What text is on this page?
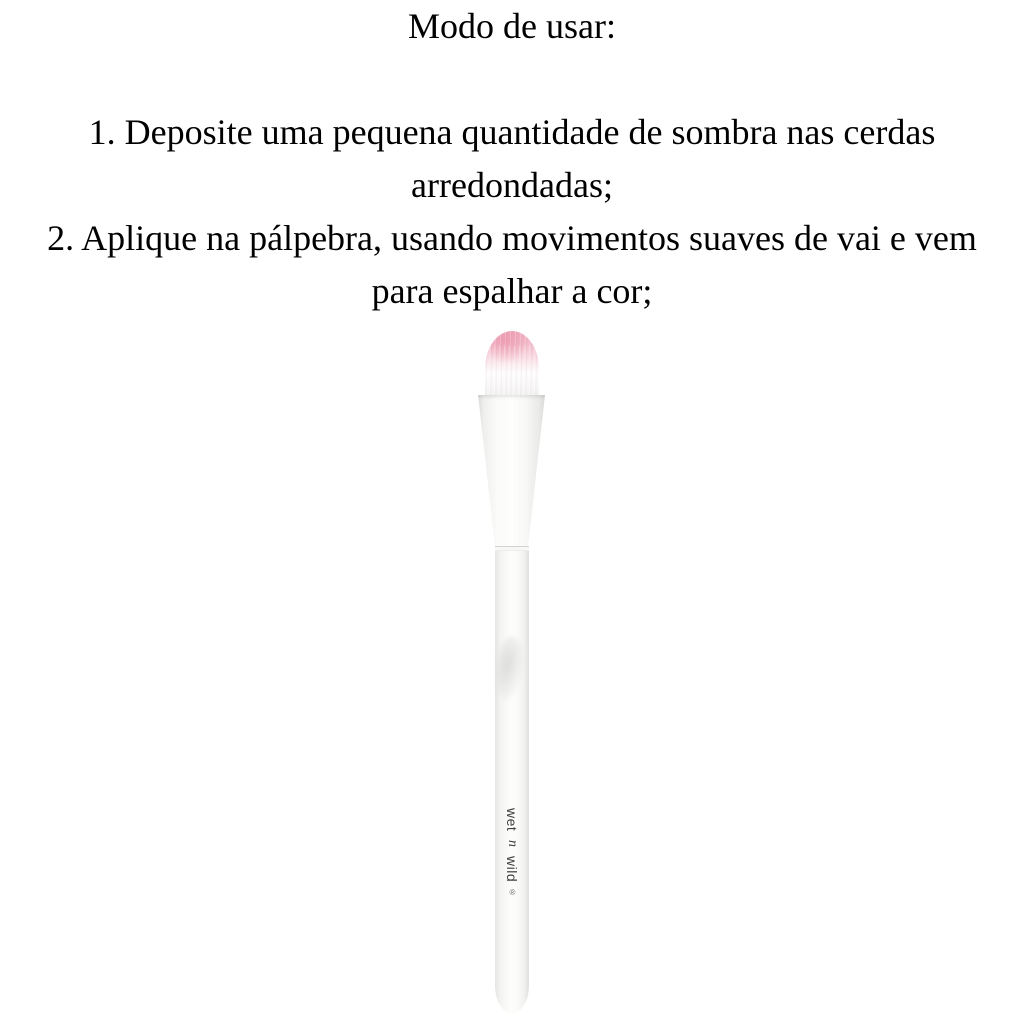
Modo de usar:
1. Deposite uma pequena quantidade de sombra nas cerdas
arredondadas;
2. Aplique na pálpebra, usando movimentos suaves de vai e vem
para espalhar a cor;
wet n wild ®
